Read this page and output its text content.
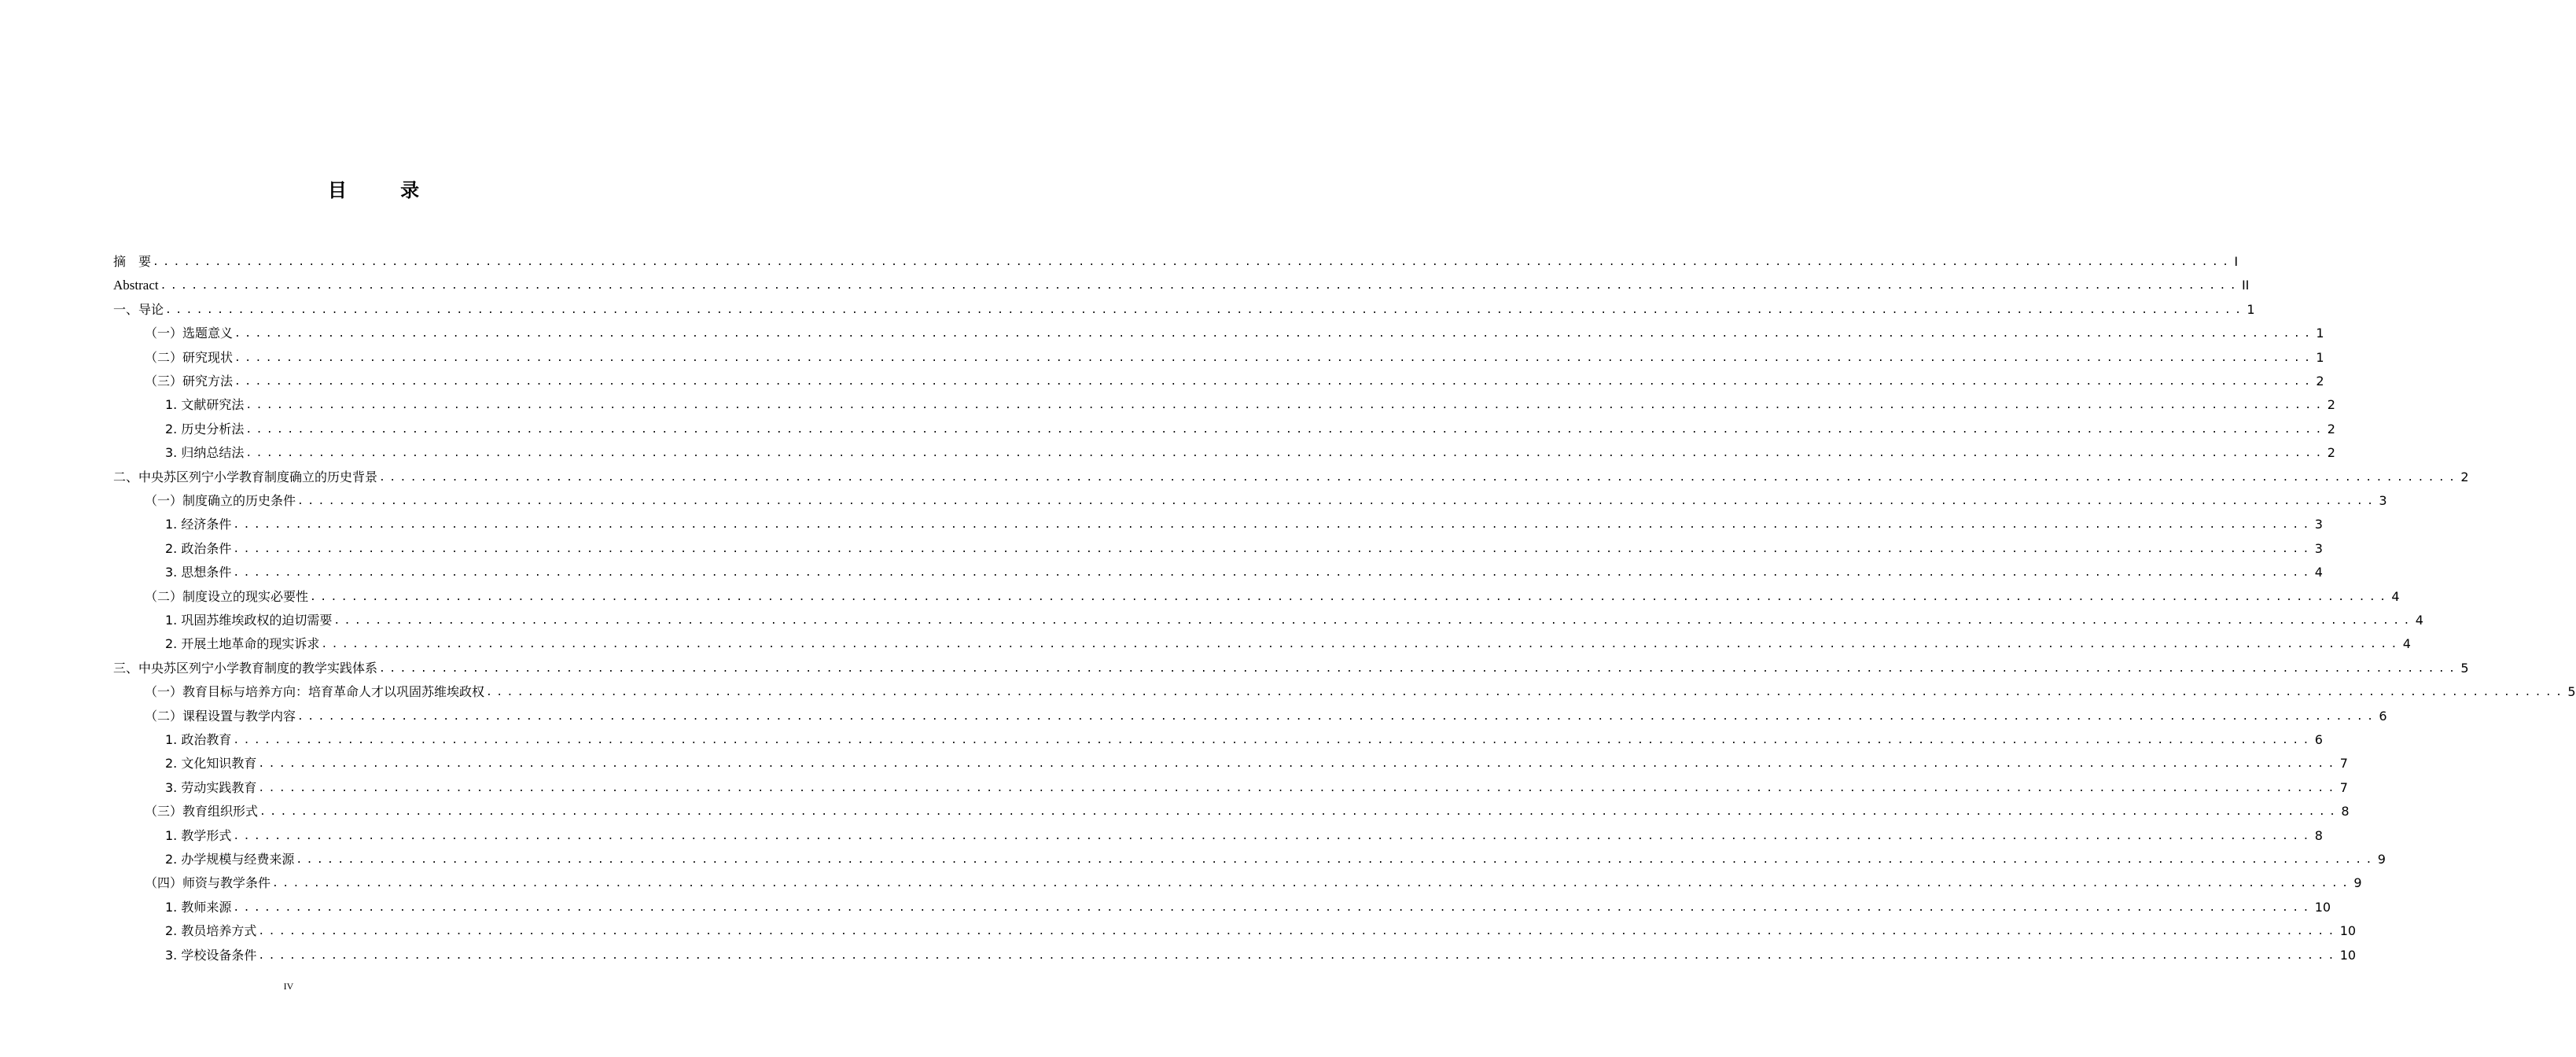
目 录
摘　要 ........................................................................................................................................................................................................ I
Abstract ........................................................................................................................................................................................................ II
一、导论 ........................................................................................................................................................................................................ 1
（一）选题意义 ........................................................................................................................................................................................................ 1
（二）研究现状 ........................................................................................................................................................................................................ 1
（三）研究方法 ........................................................................................................................................................................................................ 2
1. 文献研究法 ........................................................................................................................................................................................................ 2
2. 历史分析法 ........................................................................................................................................................................................................ 2
3. 归纳总结法 ........................................................................................................................................................................................................ 2
二、中央苏区列宁小学教育制度确立的历史背景 ........................................................................................................................................................................................................ 2
（一）制度确立的历史条件 ........................................................................................................................................................................................................ 3
1. 经济条件 ........................................................................................................................................................................................................ 3
2. 政治条件 ........................................................................................................................................................................................................ 3
3. 思想条件 ........................................................................................................................................................................................................ 4
（二）制度设立的现实必要性 ........................................................................................................................................................................................................ 4
1. 巩固苏维埃政权的迫切需要 ........................................................................................................................................................................................................ 4
2. 开展土地革命的现实诉求 ........................................................................................................................................................................................................ 4
三、中央苏区列宁小学教育制度的教学实践体系 ........................................................................................................................................................................................................ 5
（一）教育目标与培养方向：培育革命人才以巩固苏维埃政权 ........................................................................................................................................................................................................ 5
（二）课程设置与教学内容 ........................................................................................................................................................................................................ 6
1. 政治教育 ........................................................................................................................................................................................................ 6
2. 文化知识教育 ........................................................................................................................................................................................................ 7
3. 劳动实践教育 ........................................................................................................................................................................................................ 7
（三）教育组织形式 ........................................................................................................................................................................................................ 8
1. 教学形式 ........................................................................................................................................................................................................ 8
2. 办学规模与经费来源 ........................................................................................................................................................................................................ 9
（四）师资与教学条件 ........................................................................................................................................................................................................ 9
1. 教师来源 ........................................................................................................................................................................................................ 10
2. 教员培养方式 ........................................................................................................................................................................................................ 10
3. 学校设备条件 ........................................................................................................................................................................................................ 10
IV
